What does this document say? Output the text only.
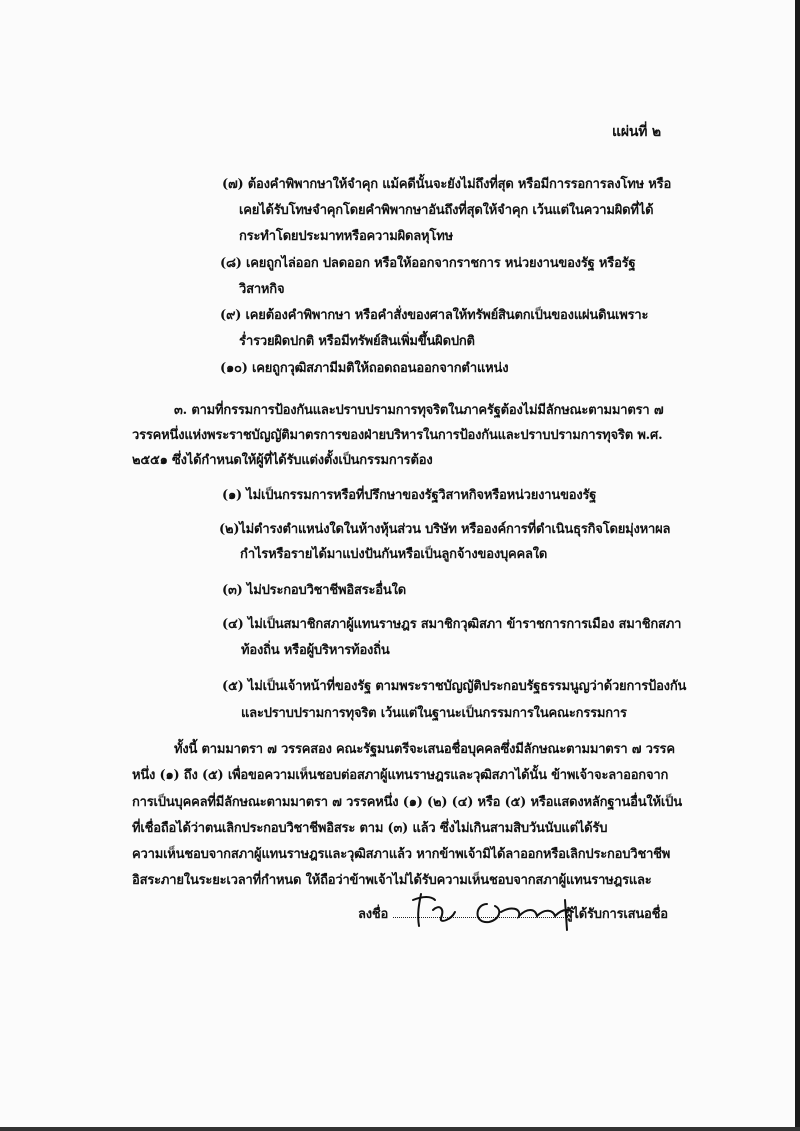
แผ่นที่ ๒
(๗) ต้องคำพิพากษาให้จำคุก แม้คดีนั้นจะยังไม่ถึงที่สุด หรือมีการรอการลงโทษ หรือ
เคยได้รับโทษจำคุกโดยคำพิพากษาอันถึงที่สุดให้จำคุก เว้นแต่ในความผิดที่ได้
กระทำโดยประมาทหรือความผิดลหุโทษ
(๘) เคยถูกไล่ออก ปลดออก หรือให้ออกจากราชการ หน่วยงานของรัฐ หรือรัฐ
วิสาหกิจ
(๙) เคยต้องคำพิพากษา หรือคำสั่งของศาลให้ทรัพย์สินตกเป็นของแผ่นดินเพราะ
ร่ำรวยผิดปกติ หรือมีทรัพย์สินเพิ่มขึ้นผิดปกติ
(๑๐) เคยถูกวุฒิสภามีมติให้ถอดถอนออกจากตำแหน่ง
๓. ตามที่กรรมการป้องกันและปราบปรามการทุจริตในภาครัฐต้องไม่มีลักษณะตามมาตรา ๗
วรรคหนึ่งแห่งพระราชบัญญัติมาตรการของฝ่ายบริหารในการป้องกันและปราบปรามการทุจริต พ.ศ.
๒๕๕๑ ซึ่งได้กำหนดให้ผู้ที่ได้รับแต่งตั้งเป็นกรรมการต้อง
(๑) ไม่เป็นกรรมการหรือที่ปรึกษาของรัฐวิสาหกิจหรือหน่วยงานของรัฐ
(๒)ไม่ดำรงตำแหน่งใดในห้างหุ้นส่วน บริษัท หรือองค์การที่ดำเนินธุรกิจโดยมุ่งหาผล
กำไรหรือรายได้มาแบ่งปันกันหรือเป็นลูกจ้างของบุคคลใด
(๓) ไม่ประกอบวิชาชีพอิสระอื่นใด
(๔) ไม่เป็นสมาชิกสภาผู้แทนราษฎร สมาชิกวุฒิสภา ข้าราชการการเมือง สมาชิกสภา
ท้องถิ่น หรือผู้บริหารท้องถิ่น
(๕) ไม่เป็นเจ้าหน้าที่ของรัฐ ตามพระราชบัญญัติประกอบรัฐธรรมนูญว่าด้วยการป้องกัน
และปราบปรามการทุจริต เว้นแต่ในฐานะเป็นกรรมการในคณะกรรมการ
ทั้งนี้ ตามมาตรา ๗ วรรคสอง คณะรัฐมนตรีจะเสนอชื่อบุคคลซึ่งมีลักษณะตามมาตรา ๗ วรรค
หนึ่ง (๑) ถึง (๕) เพื่อขอความเห็นชอบต่อสภาผู้แทนราษฎรและวุฒิสภาได้นั้น ข้าพเจ้าจะลาออกจาก
การเป็นบุคคลที่มีลักษณะตามมาตรา ๗ วรรคหนึ่ง (๑) (๒) (๔) หรือ (๕) หรือแสดงหลักฐานอื่นให้เป็น
ที่เชื่อถือได้ว่าตนเลิกประกอบวิชาชีพอิสระ ตาม (๓) แล้ว ซึ่งไม่เกินสามสิบวันนับแต่ได้รับ
ความเห็นชอบจากสภาผู้แทนราษฎรและวุฒิสภาแล้ว หากข้าพเจ้ามิได้ลาออกหรือเลิกประกอบวิชาชีพ
อิสระภายในระยะเวลาที่กำหนด ให้ถือว่าข้าพเจ้าไม่ได้รับความเห็นชอบจากสภาผู้แทนราษฎรและ
ลงชื่อ	ผู้ได้รับการเสนอชื่อ
